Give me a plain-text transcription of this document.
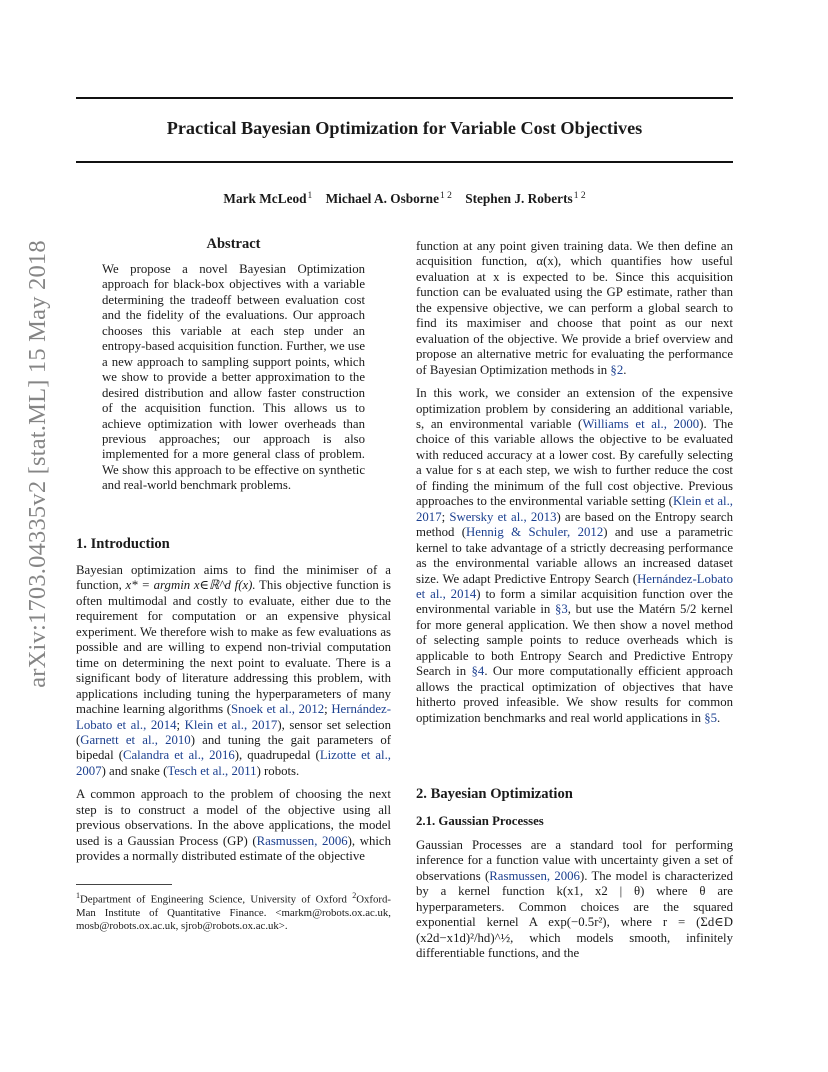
Practical Bayesian Optimization for Variable Cost Objectives
Mark McLeod$^1$ Michael A. Osborne$^{1 2}$ Stephen J. Roberts$^{1 2}$
arXiv:1703.04335v2 [stat.ML] 15 May 2018	Abstract

We propose a novel Bayesian Optimization approach for black-box objectives with a variable determining the tradeoff between evaluation cost and the fidelity of the evaluations. Our approach chooses this variable at each step under an entropy-based acquisition function. Further, we use a new approach to sampling support points, which we show to provide a better approximation to the desired distribution and allow faster construction of the acquisition function. This allows us to achieve optimization with lower overheads than previous approaches; our approach is also implemented for a more general class of problem. We show this approach to be effective on synthetic and real-world benchmark problems.

1. Introduction

Bayesian optimization aims to find the minimiser of a function, x* = argmin x∈ℝ^d f(x). This objective function is often multimodal and costly to evaluate, either due to the requirement for computation or an expensive physical experiment. We therefore wish to make as few evaluations as possible and are willing to expend non-trivial computation time on determining the next point to evaluate. There is a significant body of literature addressing this problem, with applications including tuning the hyperparameters of many machine learning algorithms (Snoek et al., 2012; Hernández-Lobato et al., 2014; Klein et al., 2017), sensor set selection (Garnett et al., 2010) and tuning the gait parameters of bipedal (Calandra et al., 2016), quadrupedal (Lizotte et al., 2007) and snake (Tesch et al., 2011) robots.

A common approach to the problem of choosing the next step is to construct a model of the objective using all previous observations. In the above applications, the model used is a Gaussian Process (GP) (Rasmussen, 2006), which provides a normally distributed estimate of the objective

$^1$Department of Engineering Science, University of Oxford $^2$Oxford-Man Institute of Quantitative Finance. <markm@robots.ox.ac.uk, mosb@robots.ox.ac.uk, sjrob@robots.ox.ac.uk>.

function at any point given training data. We then define an acquisition function, α(x), which quantifies how useful evaluation at x is expected to be. Since this acquisition function can be evaluated using the GP estimate, rather than the expensive objective, we can perform a global search to find its maximiser and choose that point as our next evaluation of the objective. We provide a brief overview and propose an alternative metric for evaluating the performance of Bayesian Optimization methods in §2.

In this work, we consider an extension of the expensive optimization problem by considering an additional variable, s, an environmental variable (Williams et al., 2000). The choice of this variable allows the objective to be evaluated with reduced accuracy at a lower cost. By carefully selecting a value for s at each step, we wish to further reduce the cost of finding the minimum of the full cost objective. Previous approaches to the environmental variable setting (Klein et al., 2017; Swersky et al., 2013) are based on the Entropy search method (Hennig & Schuler, 2012) and use a parametric kernel to take advantage of a strictly decreasing performance as the environmental variable allows an increased dataset size. We adapt Predictive Entropy Search (Hernández-Lobato et al., 2014) to form a similar acquisition function over the environmental variable in §3, but use the Matérn 5/2 kernel for more general application. We then show a novel method of selecting sample points to reduce overheads which is applicable to both Entropy Search and Predictive Entropy Search in §4. Our more computationally efficient approach allows the practical optimization of objectives that have hitherto proved infeasible. We show results for common optimization benchmarks and real world applications in §5.

2. Bayesian Optimization
2.1. Gaussian Processes

Gaussian Processes are a standard tool for performing inference for a function value with uncertainty given a set of observations (Rasmussen, 2006). The model is characterized by a kernel function k(x1, x2 | θ) where θ are hyperparameters. Common choices are the squared exponential kernel A exp(−0.5r²), where r = (Σd∈D (x2d−x1d)²/hd)^½, which models smooth, infinitely differentiable functions, and the
